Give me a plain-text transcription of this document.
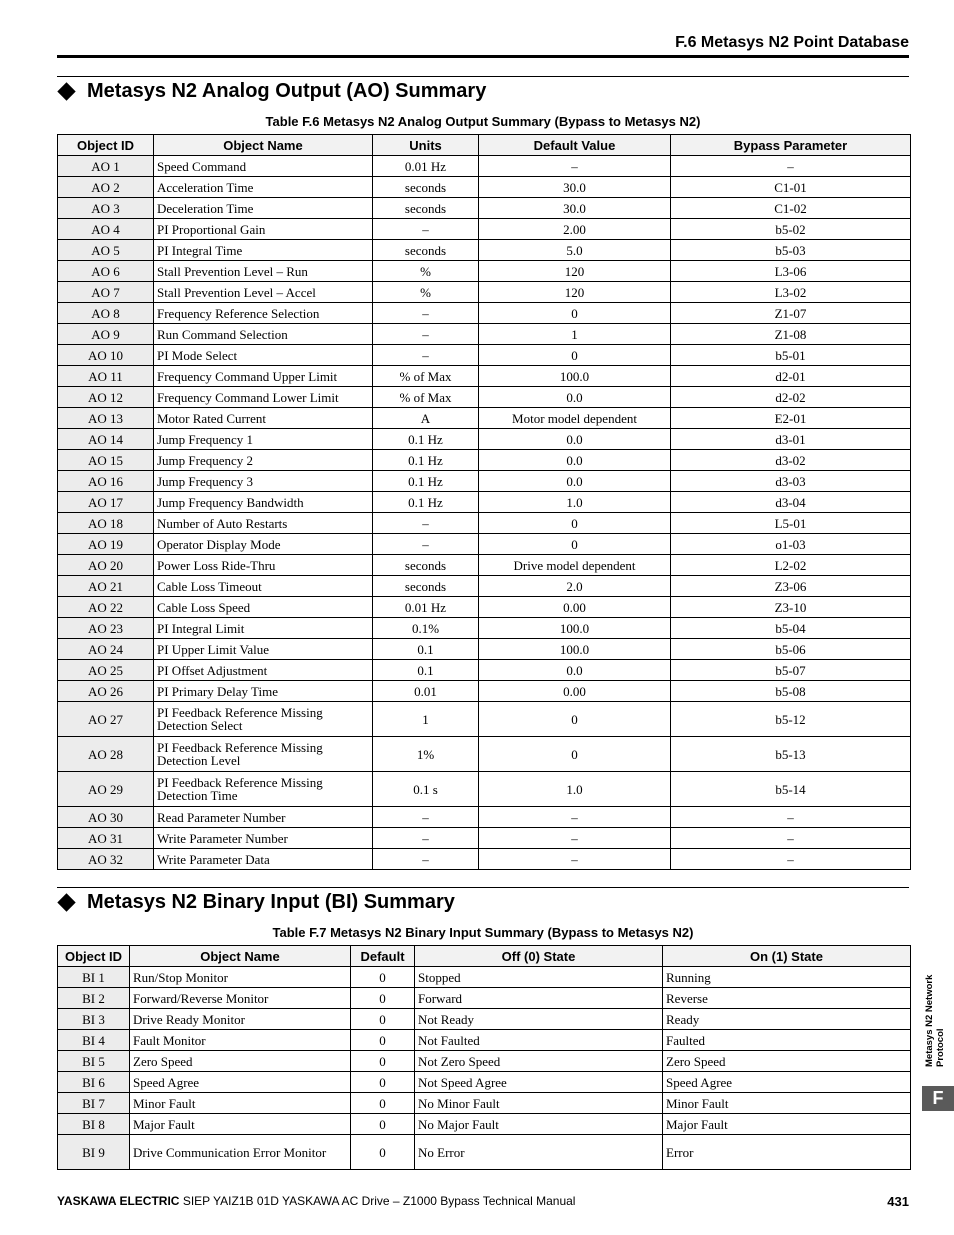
F.6 Metasys N2 Point Database
Metasys N2 Analog Output (AO) Summary
Table F.6 Metasys N2 Analog Output Summary (Bypass to Metasys N2)
Object ID	Object Name	Units	Default Value	Bypass Parameter
AO 1	Speed Command	0.01 Hz	–	–
AO 2	Acceleration Time	seconds	30.0	C1-01
AO 3	Deceleration Time	seconds	30.0	C1-02
AO 4	PI Proportional Gain	–	2.00	b5-02
AO 5	PI Integral Time	seconds	5.0	b5-03
AO 6	Stall Prevention Level – Run	%	120	L3-06
AO 7	Stall Prevention Level – Accel	%	120	L3-02
AO 8	Frequency Reference Selection	–	0	Z1-07
AO 9	Run Command Selection	–	1	Z1-08
AO 10	PI Mode Select	–	0	b5-01
AO 11	Frequency Command Upper Limit	% of Max	100.0	d2-01
AO 12	Frequency Command Lower Limit	% of Max	0.0	d2-02
AO 13	Motor Rated Current	A	Motor model dependent	E2-01
AO 14	Jump Frequency 1	0.1 Hz	0.0	d3-01
AO 15	Jump Frequency 2	0.1 Hz	0.0	d3-02
AO 16	Jump Frequency 3	0.1 Hz	0.0	d3-03
AO 17	Jump Frequency Bandwidth	0.1 Hz	1.0	d3-04
AO 18	Number of Auto Restarts	–	0	L5-01
AO 19	Operator Display Mode	–	0	o1-03
AO 20	Power Loss Ride-Thru	seconds	Drive model dependent	L2-02
AO 21	Cable Loss Timeout	seconds	2.0	Z3-06
AO 22	Cable Loss Speed	0.01 Hz	0.00	Z3-10
AO 23	PI Integral Limit	0.1%	100.0	b5-04
AO 24	PI Upper Limit Value	0.1	100.0	b5-06
AO 25	PI Offset Adjustment	0.1	0.0	b5-07
AO 26	PI Primary Delay Time	0.01	0.00	b5-08
AO 27	PI Feedback Reference Missing Detection Select	1	0	b5-12
AO 28	PI Feedback Reference Missing Detection Level	1%	0	b5-13
AO 29	PI Feedback Reference Missing Detection Time	0.1 s	1.0	b5-14
AO 30	Read Parameter Number	–	–	–
AO 31	Write Parameter Number	–	–	–
AO 32	Write Parameter Data	–	–	–
Metasys N2 Binary Input (BI) Summary
Table F.7 Metasys N2 Binary Input Summary (Bypass to Metasys N2)
Object ID	Object Name	Default	Off (0) State	On (1) State
BI 1	Run/Stop Monitor	0	Stopped	Running
BI 2	Forward/Reverse Monitor	0	Forward	Reverse
BI 3	Drive Ready Monitor	0	Not Ready	Ready
BI 4	Fault Monitor	0	Not Faulted	Faulted
BI 5	Zero Speed	0	Not Zero Speed	Zero Speed
BI 6	Speed Agree	0	Not Speed Agree	Speed Agree
BI 7	Minor Fault	0	No Minor Fault	Minor Fault
BI 8	Major Fault	0	No Major Fault	Major Fault
BI 9	Drive Communication Error Monitor	0	No Error	Error
Metasys N2 Network Protocol
F
YASKAWA ELECTRIC SIEP YAIZ1B 01D YASKAWA AC Drive – Z1000 Bypass Technical Manual	431
